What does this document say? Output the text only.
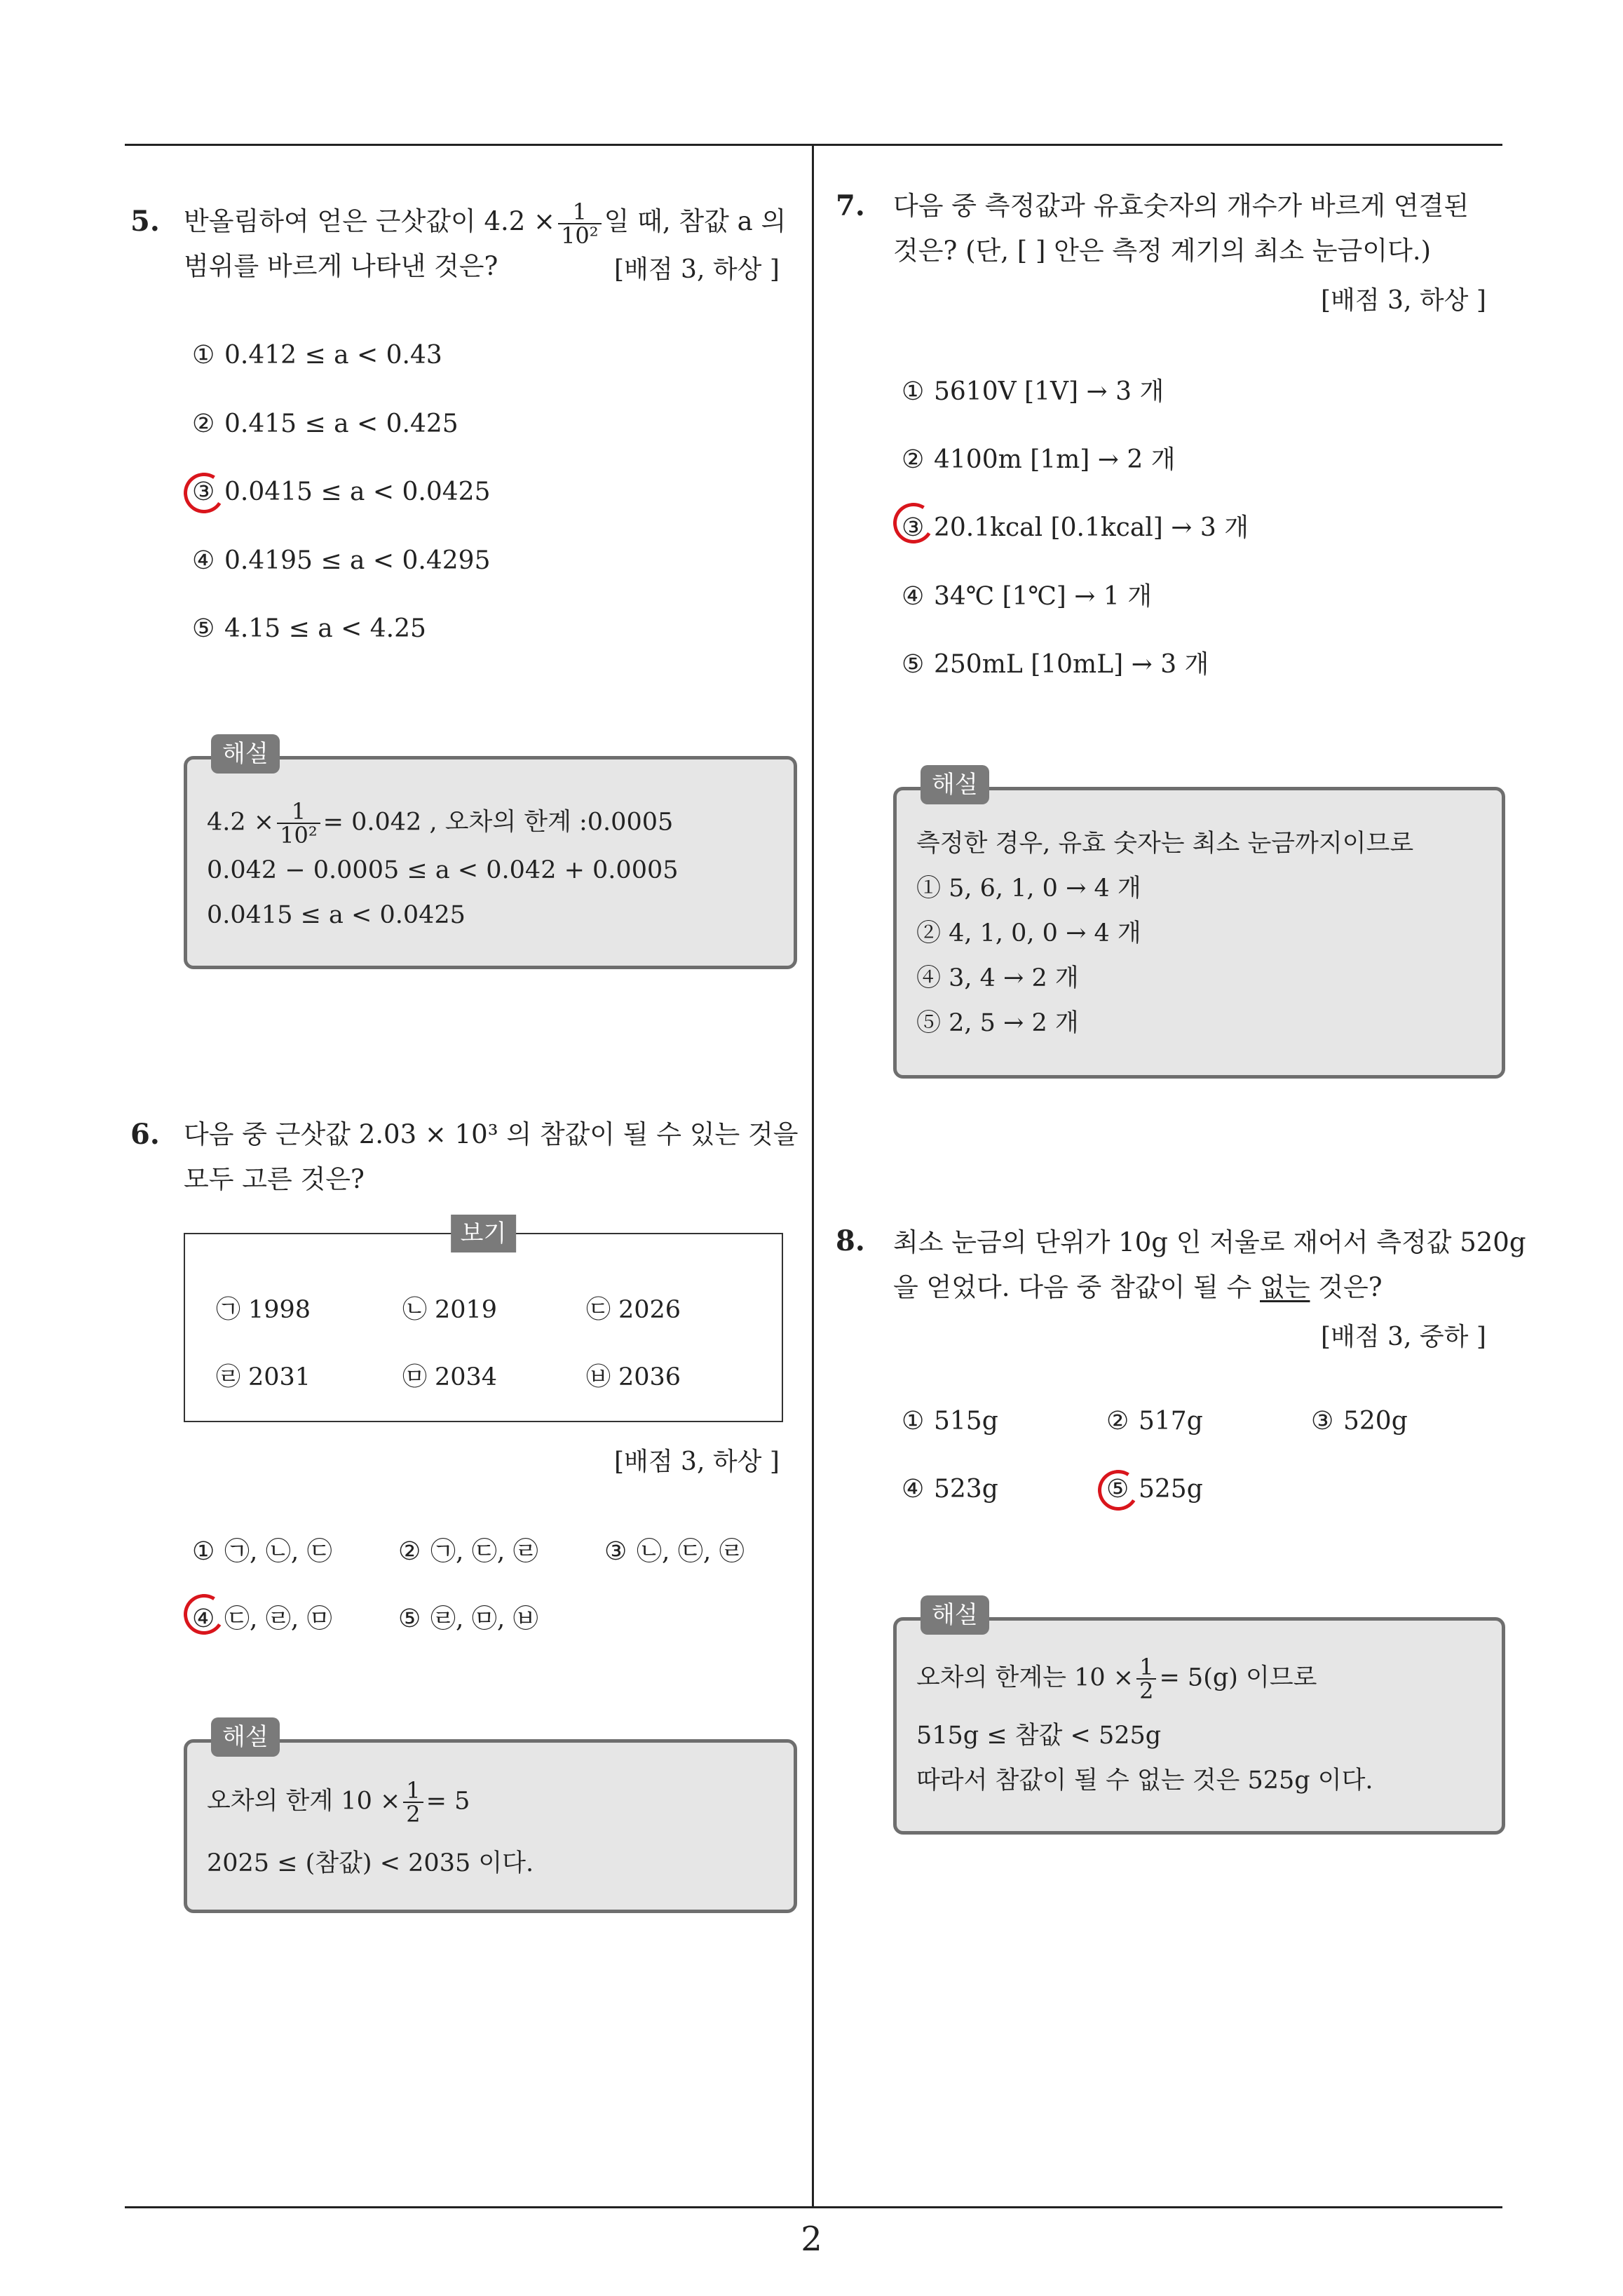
5. 반올림하여 얻은 근삿값이 $4.2 \times \frac{1}{\text{10²}}$ 일 때, 참값 a 의
범위를 바르게 나타낸 것은?	[배점 3, 하상 ]
① 0.412 ≤ a < 0.43
② 0.415 ≤ a < 0.425
③ 0.0415 ≤ a < 0.0425
④ 0.4195 ≤ a < 0.4295
⑤ 4.15 ≤ a < 4.25
해설
$4.2 \times \frac{1}{\text{10²}} = 0.042$ , 오차의 한계 :0.0005
0.042 − 0.0005 ≤ a < 0.042 + 0.0005
0.0415 ≤ a < 0.0425
6. 다음 중 근삿값 2.03 × 10³ 의 참값이 될 수 있는 것을
모두 고른 것은?
보기
㉠ 1998	㉡ 2019	㉢ 2026
㉣ 2031	㉤ 2034	㉥ 2036
[배점 3, 하상 ]
① ㉠, ㉡, ㉢	② ㉠, ㉢, ㉣	③ ㉡, ㉢, ㉣
④ ㉢, ㉣, ㉤	⑤ ㉣, ㉤, ㉥
해설
오차의 한계 $10 \times \frac{1}{2} = 5$
2025 ≤ (참값) < 2035 이다.
7. 다음 중 측정값과 유효숫자의 개수가 바르게 연결된
것은? (단, [ ] 안은 측정 계기의 최소 눈금이다.)
[배점 3, 하상 ]
① 5610V [1V] → 3 개
② 4100m [1m] → 2 개
③ 20.1kcal [0.1kcal] → 3 개
④ 34℃ [1℃] → 1 개
⑤ 250mL [10mL] → 3 개
해설
측정한 경우, 유효 숫자는 최소 눈금까지이므로
① 5, 6, 1, 0 → 4 개
② 4, 1, 0, 0 → 4 개
④ 3, 4 → 2 개
⑤ 2, 5 → 2 개
8. 최소 눈금의 단위가 10g 인 저울로 재어서 측정값 520g
을 얻었다. 다음 중 참값이 될 수 없는 것은?
[배점 3, 중하 ]
① 515g	② 517g	③ 520g
④ 523g	⑤ 525g
해설
오차의 한계는 $10 \times \frac{1}{2} = 5(g)$ 이므로
515g ≤ 참값 < 525g
따라서 참값이 될 수 없는 것은 525g 이다.
2
